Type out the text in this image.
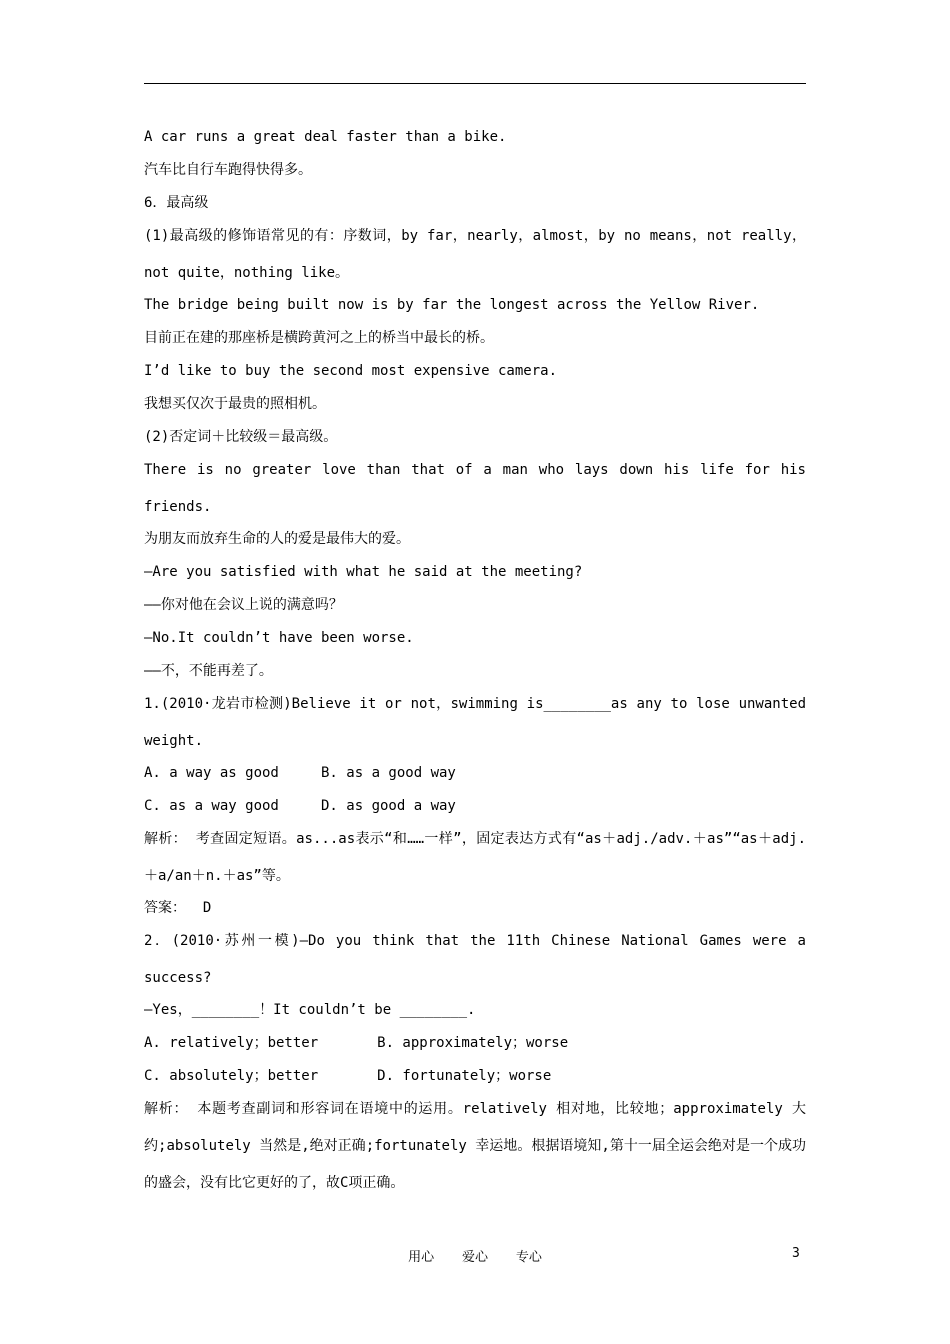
A car runs a great deal faster than a bike.
汽车比自行车跑得快得多。
6．最高级
(1)最高级的修饰语常见的有：序数词，by far，nearly，almost，by no means，not really，not quite，nothing like。
The bridge being built now is by far the longest across the Yellow River.
目前正在建的那座桥是横跨黄河之上的桥当中最长的桥。
I’d like to buy the second most expensive camera.
我想买仅次于最贵的照相机。
(2)否定词＋比较级＝最高级。
There is no greater love than that of a man who lays down his life for his friends.
为朋友而放弃生命的人的爱是最伟大的爱。
—Are you satisfied with what he said at the meeting?
——你对他在会议上说的满意吗？
—No.It couldn’t have been worse.
——不，不能再差了。
1.(2010·龙岩市检测)Believe it or not，swimming is________as any to lose unwanted weight.
A. a way as good     B. as a good way
C. as a way good     D. as good a way
解析： 考查固定短语。as...as表示“和……一样”，固定表达方式有“as＋adj./adv.＋as”“as＋adj.＋a/an＋n.＋as”等。
答案：  D
2．(2010·苏州一模)—Do you think that the 11th Chinese National Games were a success?
—Yes，________！It couldn’t be ________.
A. relatively；better       B. approximately；worse
C. absolutely；better       D. fortunately；worse
解析： 本题考查副词和形容词在语境中的运用。relatively 相对地，比较地；approximately 大约;absolutely 当然是,绝对正确;fortunately 幸运地。根据语境知,第十一届全运会绝对是一个成功的盛会，没有比它更好的了，故C项正确。
用心 爱心 专心	3
